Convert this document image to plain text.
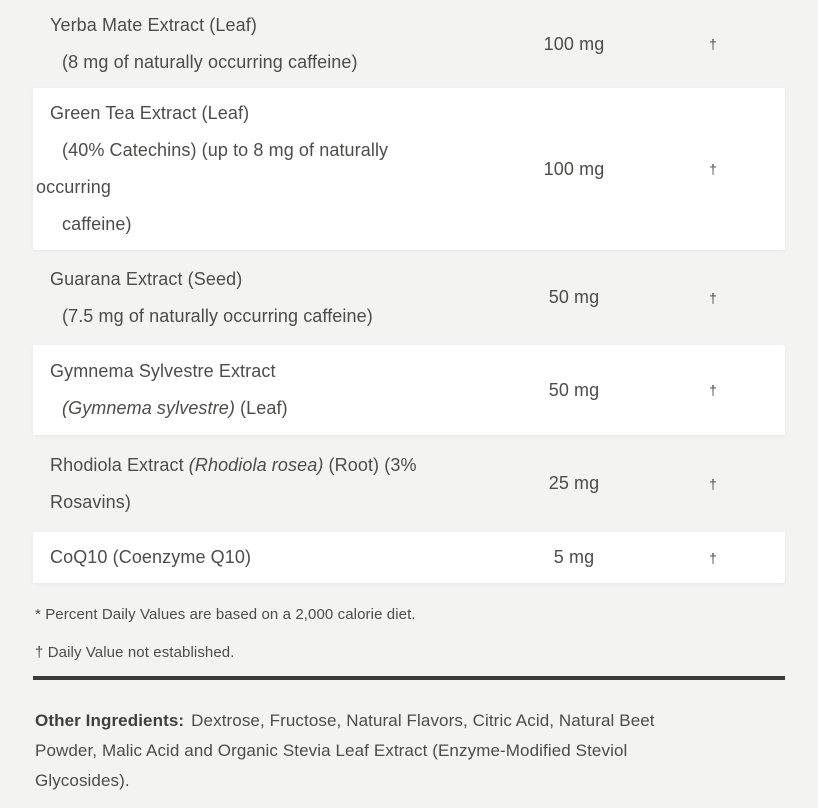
Yerba Mate Extract (Leaf)
(8 mg of naturally occurring caffeine)
100 mg	†
Green Tea Extract (Leaf)
(40% Catechins) (up to 8 mg of naturally
occurring
caffeine)
100 mg	†
Guarana Extract (Seed)
(7.5 mg of naturally occurring caffeine)
50 mg	†
Gymnema Sylvestre Extract
(Gymnema sylvestre) (Leaf)
50 mg	†
Rhodiola Extract (Rhodiola rosea) (Root) (3%
Rosavins)
25 mg	†
CoQ10 (Coenzyme Q10)	5 mg	†

* Percent Daily Values are based on a 2,000 calorie diet.

† Daily Value not established.

Other Ingredients: Dextrose, Fructose, Natural Flavors, Citric Acid, Natural Beet
Powder, Malic Acid and Organic Stevia Leaf Extract (Enzyme-Modified Steviol
Glycosides).
